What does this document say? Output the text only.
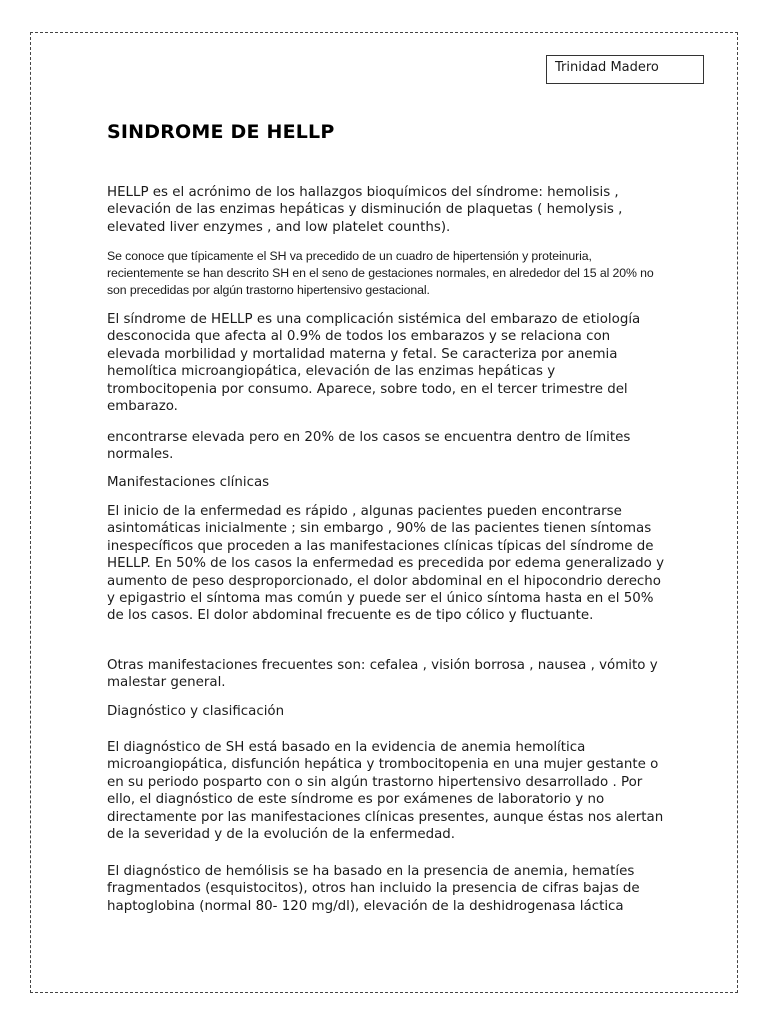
Trinidad Madero
SINDROME DE HELLP

HELLP es el acrónimo de los hallazgos bioquímicos del síndrome: hemolisis , elevación de las enzimas hepáticas y disminución de plaquetas ( hemolysis , elevated liver enzymes , and low platelet counths).

Se conoce que típicamente el SH va precedido de un cuadro de hipertensión y proteinuria, recientemente se han descrito SH en el seno de gestaciones normales, en alrededor del 15 al 20% no son precedidas por algún trastorno hipertensivo gestacional.

El síndrome de HELLP es una complicación sistémica del embarazo de etiología desconocida que afecta al 0.9% de todos los embarazos y se relaciona con elevada morbilidad y mortalidad materna y fetal. Se caracteriza por anemia hemolítica microangiopática, elevación de las enzimas hepáticas y trombocitopenia por consumo. Aparece, sobre todo, en el tercer trimestre del embarazo.

encontrarse elevada pero en 20% de los casos se encuentra dentro de límites normales.

Manifestaciones clínicas

El inicio de la enfermedad es rápido , algunas pacientes pueden encontrarse asintomáticas inicialmente ; sin embargo , 90% de las pacientes tienen síntomas inespecíficos que proceden a las manifestaciones clínicas típicas del síndrome de HELLP. En 50% de los casos la enfermedad es precedida por edema generalizado y aumento de peso desproporcionado, el dolor abdominal en el hipocondrio derecho y epigastrio el síntoma mas común y puede ser el único síntoma hasta en el 50% de los casos. El dolor abdominal frecuente es de tipo cólico y fluctuante.

Otras manifestaciones frecuentes son: cefalea , visión borrosa , nausea , vómito y malestar general.

Diagnóstico y clasificación

El diagnóstico de SH está basado en la evidencia de anemia hemolítica microangiopática, disfunción hepática y trombocitopenia en una mujer gestante o en su periodo posparto con o sin algún trastorno hipertensivo desarrollado . Por ello, el diagnóstico de este síndrome es por exámenes de laboratorio y no directamente por las manifestaciones clínicas presentes, aunque éstas nos alertan de la severidad y de la evolución de la enfermedad.

El diagnóstico de hemólisis se ha basado en la presencia de anemia, hematíes fragmentados (esquistocitos), otros han incluido la presencia de cifras bajas de haptoglobina (normal 80- 120 mg/dl), elevación de la deshidrogenasa láctica
